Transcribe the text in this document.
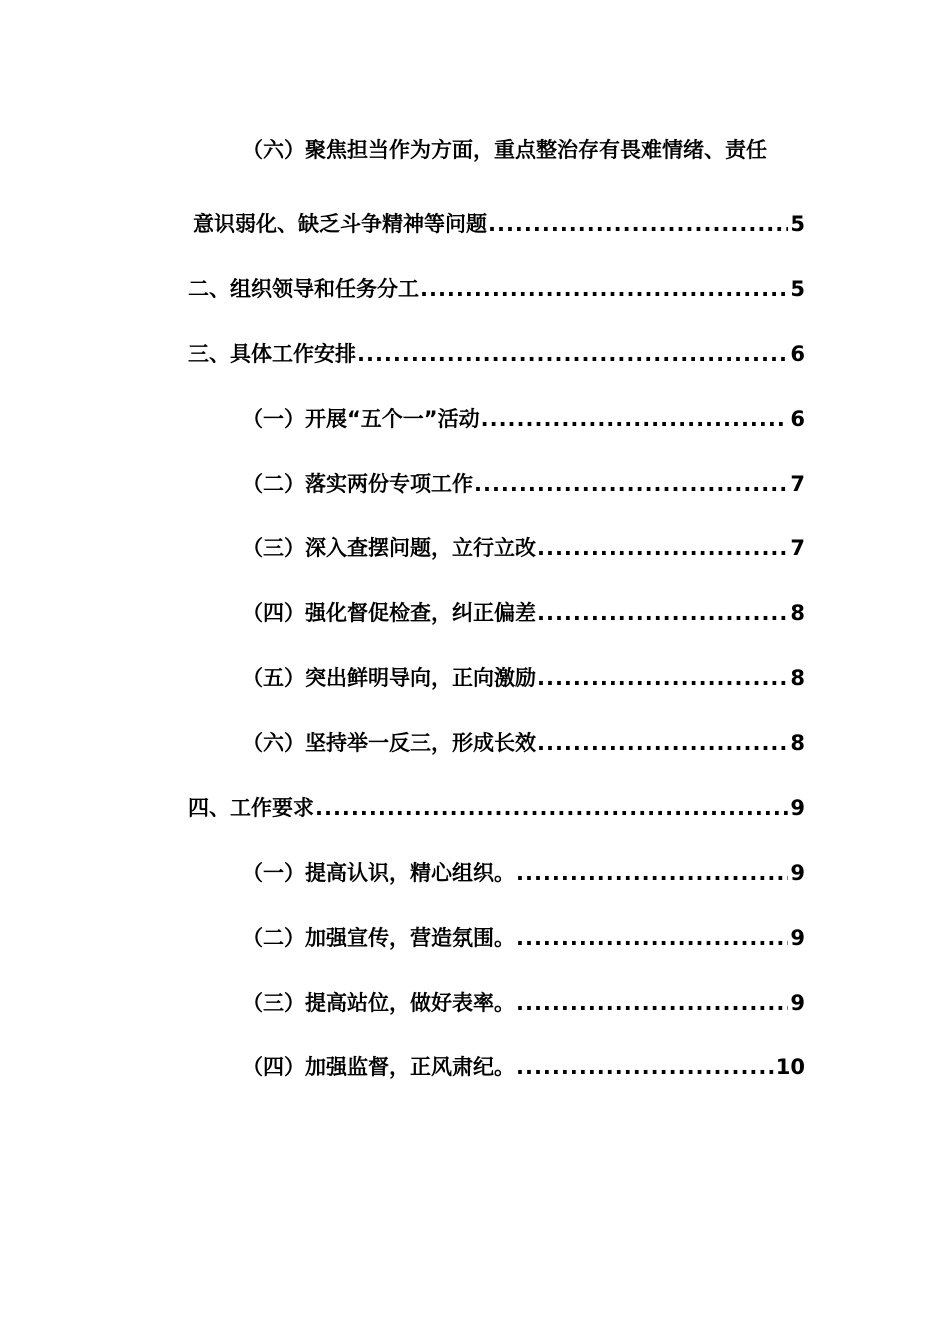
（六）聚焦担当作为方面，重点整治存有畏难情绪、责任
意识弱化、缺乏斗争精神等问题 .....	5
二、组织领导和任务分工 .....	5
三、具体工作安排 .....	6
（一）开展“五个一”活动 .....	6
（二）落实两份专项工作 .....	7
（三）深入查摆问题，立行立改 .....	7
（四）强化督促检查，纠正偏差 .....	8
（五）突出鲜明导向，正向激励 .....	8
（六）坚持举一反三，形成长效 .....	8
四、工作要求 .....	9
（一）提高认识，精心组织。 .....	9
（二）加强宣传，营造氛围。 .....	9
（三）提高站位，做好表率。 .....	9
（四）加强监督，正风肃纪。 .....	10
